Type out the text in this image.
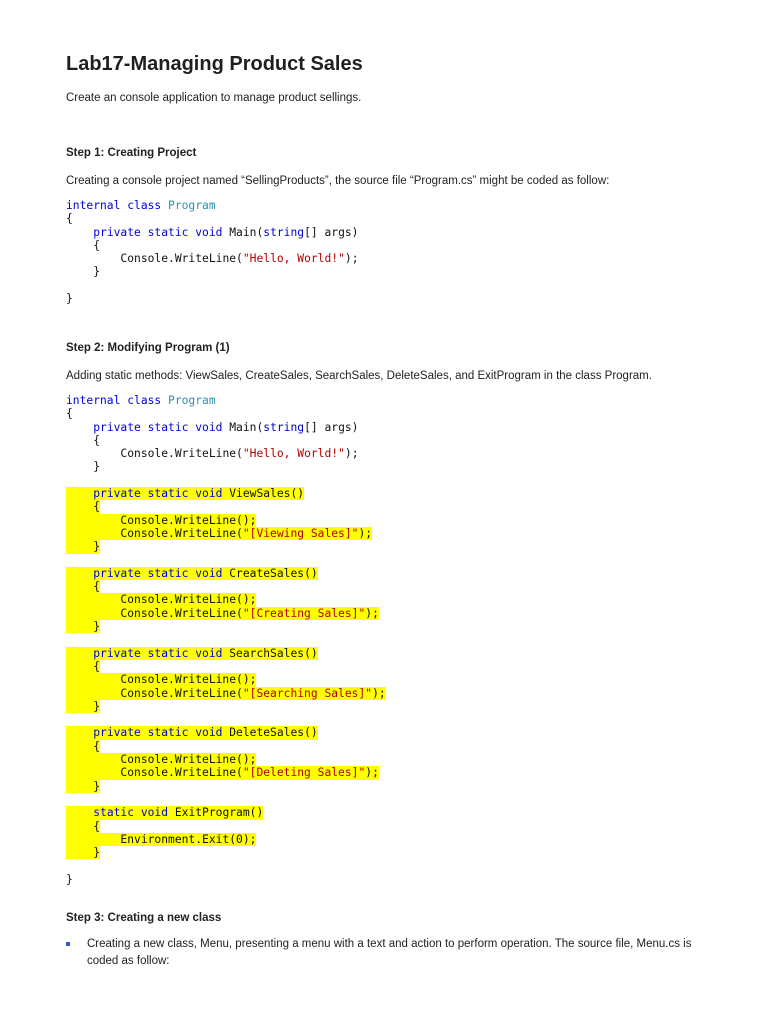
Lab17-Managing Product Sales
Create an console application to manage product sellings.
Step 1: Creating Project
Creating a console project named “SellingProducts”, the source file “Program.cs” might be coded as follow:
internal class Program
{
private static void Main(string[] args)
{
Console.WriteLine("Hello, World!");
}
}
Step 2: Modifying Program (1)
Adding static methods: ViewSales, CreateSales, SearchSales, DeleteSales, and ExitProgram in the class Program.
internal class Program
{
private static void Main(string[] args)
{
Console.WriteLine("Hello, World!");
}
private static void ViewSales()
{
Console.WriteLine();
Console.WriteLine("[Viewing Sales]");
}
private static void CreateSales()
{
Console.WriteLine();
Console.WriteLine("[Creating Sales]");
}
private static void SearchSales()
{
Console.WriteLine();
Console.WriteLine("[Searching Sales]");
}
private static void DeleteSales()
{
Console.WriteLine();
Console.WriteLine("[Deleting Sales]");
}
static void ExitProgram()
{
Environment.Exit(0);
}
}
Step 3: Creating a new class
Creating a new class, Menu, presenting a menu with a text and action to perform operation. The source file, Menu.cs is coded as follow:
